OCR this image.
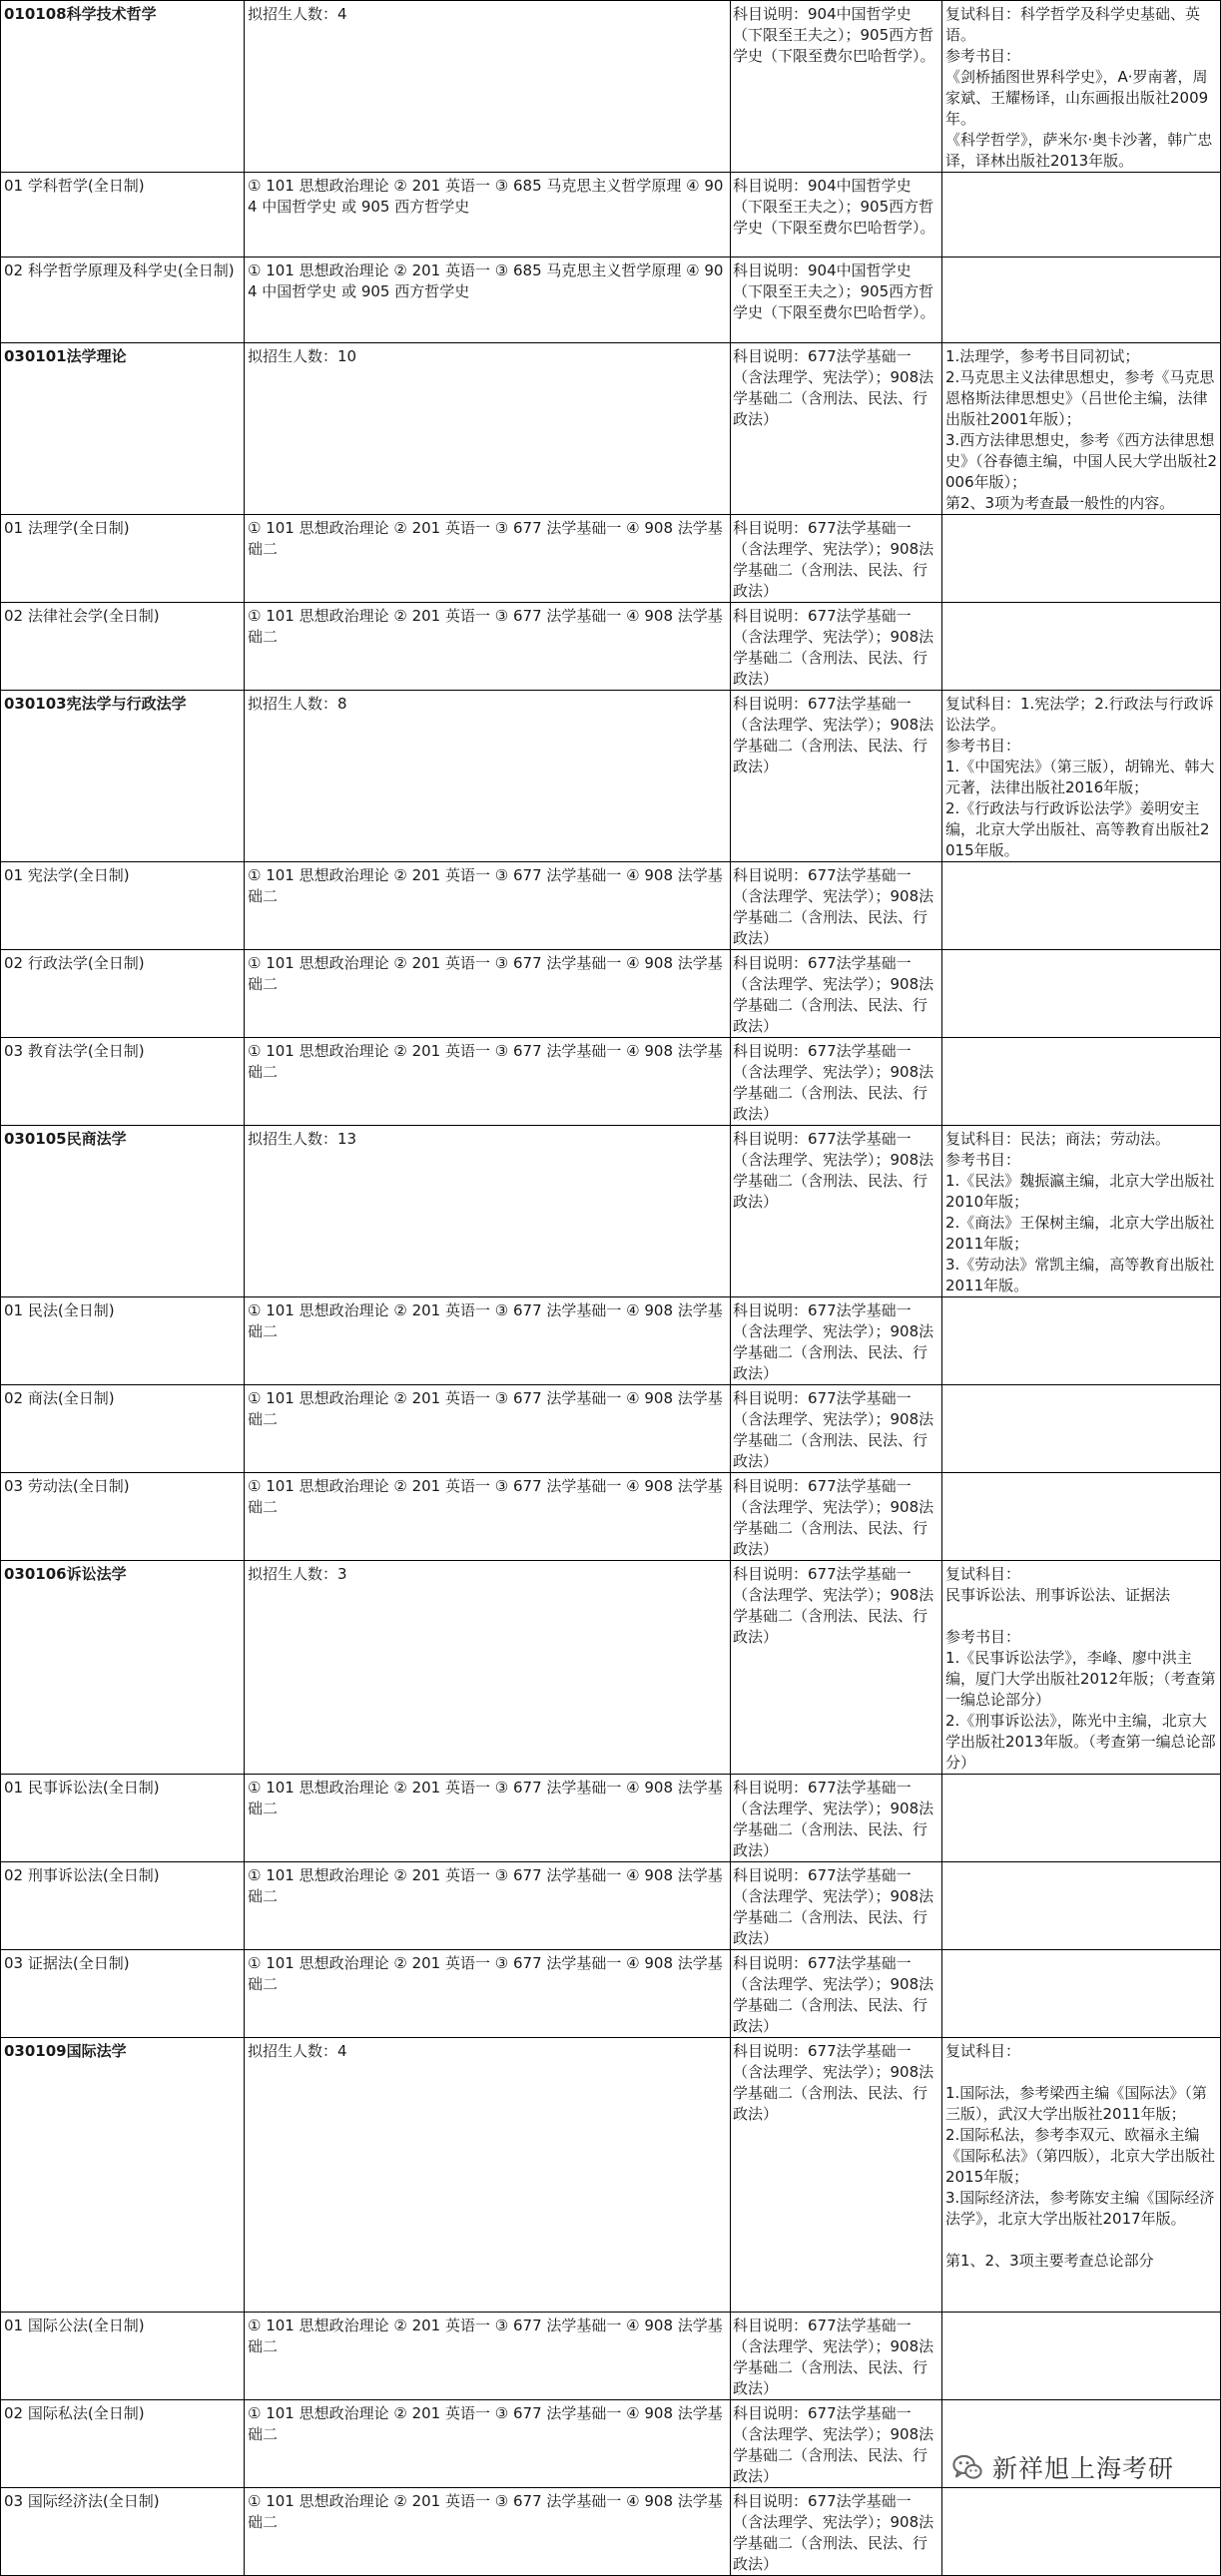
010108科学技术哲学	拟招生人数：4	科目说明：904中国哲学史（下限至王夫之）；905西方哲学史（下限至费尔巴哈哲学）。	复试科目：科学哲学及科学史基础、英语。
参考书目：
《剑桥插图世界科学史》，A·罗南著，周家斌、王耀杨译，山东画报出版社2009年。
《科学哲学》，萨米尔·奥卡沙著，韩广忠译，译林出版社2013年版。

01 学科哲学(全日制)	① 101 思想政治理论 ② 201 英语一 ③ 685 马克思主义哲学原理 ④ 904 中国哲学史 或 905 西方哲学史	科目说明：904中国哲学史（下限至王夫之）；905西方哲学史（下限至费尔巴哈哲学）。	
02 科学哲学原理及科学史(全日制)	① 101 思想政治理论 ② 201 英语一 ③ 685 马克思主义哲学原理 ④ 904 中国哲学史 或 905 西方哲学史	科目说明：904中国哲学史（下限至王夫之）；905西方哲学史（下限至费尔巴哈哲学）。	
030101法学理论	拟招生人数：10	科目说明：677法学基础一（含法理学、宪法学）；908法学基础二（含刑法、民法、行政法）	1.法理学，参考书目同初试；
2.马克思主义法律思想史，参考《马克思恩格斯法律思想史》（吕世伦主编，法律出版社2001年版）；
3.西方法律思想史，参考《西方法律思想史》（谷春德主编，中国人民大学出版社2006年版）；
第2、3项为考查最一般性的内容。

01 法理学(全日制)	① 101 思想政治理论 ② 201 英语一 ③ 677 法学基础一 ④ 908 法学基础二	科目说明：677法学基础一（含法理学、宪法学）；908法学基础二（含刑法、民法、行政法）	
02 法律社会学(全日制)	① 101 思想政治理论 ② 201 英语一 ③ 677 法学基础一 ④ 908 法学基础二	科目说明：677法学基础一（含法理学、宪法学）；908法学基础二（含刑法、民法、行政法）	
030103宪法学与行政法学	拟招生人数：8	科目说明：677法学基础一（含法理学、宪法学）；908法学基础二（含刑法、民法、行政法）	复试科目：1.宪法学；2.行政法与行政诉讼法学。
参考书目：
1.《中国宪法》（第三版），胡锦光、韩大元著，法律出版社2016年版；
2.《行政法与行政诉讼法学》姜明安主编，北京大学出版社、高等教育出版社2015年版。

01 宪法学(全日制)	① 101 思想政治理论 ② 201 英语一 ③ 677 法学基础一 ④ 908 法学基础二	科目说明：677法学基础一（含法理学、宪法学）；908法学基础二（含刑法、民法、行政法）	
02 行政法学(全日制)	① 101 思想政治理论 ② 201 英语一 ③ 677 法学基础一 ④ 908 法学基础二	科目说明：677法学基础一（含法理学、宪法学）；908法学基础二（含刑法、民法、行政法）	
03 教育法学(全日制)	① 101 思想政治理论 ② 201 英语一 ③ 677 法学基础一 ④ 908 法学基础二	科目说明：677法学基础一（含法理学、宪法学）；908法学基础二（含刑法、民法、行政法）	
030105民商法学	拟招生人数：13	科目说明：677法学基础一（含法理学、宪法学）；908法学基础二（含刑法、民法、行政法）	复试科目：民法；商法；劳动法。
参考书目：
1.《民法》魏振瀛主编，北京大学出版社2010年版；
2.《商法》王保树主编，北京大学出版社2011年版；
3.《劳动法》常凯主编，高等教育出版社2011年版。

01 民法(全日制)	① 101 思想政治理论 ② 201 英语一 ③ 677 法学基础一 ④ 908 法学基础二	科目说明：677法学基础一（含法理学、宪法学）；908法学基础二（含刑法、民法、行政法）	
02 商法(全日制)	① 101 思想政治理论 ② 201 英语一 ③ 677 法学基础一 ④ 908 法学基础二	科目说明：677法学基础一（含法理学、宪法学）；908法学基础二（含刑法、民法、行政法）	
03 劳动法(全日制)	① 101 思想政治理论 ② 201 英语一 ③ 677 法学基础一 ④ 908 法学基础二	科目说明：677法学基础一（含法理学、宪法学）；908法学基础二（含刑法、民法、行政法）	
030106诉讼法学	拟招生人数：3	科目说明：677法学基础一（含法理学、宪法学）；908法学基础二（含刑法、民法、行政法）	复试科目：
民事诉讼法、刑事诉讼法、证据法

参考书目：
1.《民事诉讼法学》，李峰、廖中洪主编，厦门大学出版社2012年版；（考查第一编总论部分）
2.《刑事诉讼法》，陈光中主编，北京大学出版社2013年版。（考查第一编总论部分）

01 民事诉讼法(全日制)	① 101 思想政治理论 ② 201 英语一 ③ 677 法学基础一 ④ 908 法学基础二	科目说明：677法学基础一（含法理学、宪法学）；908法学基础二（含刑法、民法、行政法）	
02 刑事诉讼法(全日制)	① 101 思想政治理论 ② 201 英语一 ③ 677 法学基础一 ④ 908 法学基础二	科目说明：677法学基础一（含法理学、宪法学）；908法学基础二（含刑法、民法、行政法）	
03 证据法(全日制)	① 101 思想政治理论 ② 201 英语一 ③ 677 法学基础一 ④ 908 法学基础二	科目说明：677法学基础一（含法理学、宪法学）；908法学基础二（含刑法、民法、行政法）	
030109国际法学	拟招生人数：4	科目说明：677法学基础一（含法理学、宪法学）；908法学基础二（含刑法、民法、行政法）	复试科目：

1.国际法，参考梁西主编《国际法》（第三版），武汉大学出版社2011年版；
2.国际私法，参考李双元、欧福永主编《国际私法》（第四版），北京大学出版社2015年版；
3.国际经济法，参考陈安主编《国际经济法学》，北京大学出版社2017年版。

第1、2、3项主要考查总论部分

01 国际公法(全日制)	① 101 思想政治理论 ② 201 英语一 ③ 677 法学基础一 ④ 908 法学基础二	科目说明：677法学基础一（含法理学、宪法学）；908法学基础二（含刑法、民法、行政法）	
02 国际私法(全日制)	① 101 思想政治理论 ② 201 英语一 ③ 677 法学基础一 ④ 908 法学基础二	科目说明：677法学基础一（含法理学、宪法学）；908法学基础二（含刑法、民法、行政法）	
03 国际经济法(全日制)	① 101 思想政治理论 ② 201 英语一 ③ 677 法学基础一 ④ 908 法学基础二	科目说明：677法学基础一（含法理学、宪法学）；908法学基础二（含刑法、民法、行政法）	
新祥旭上海考研
